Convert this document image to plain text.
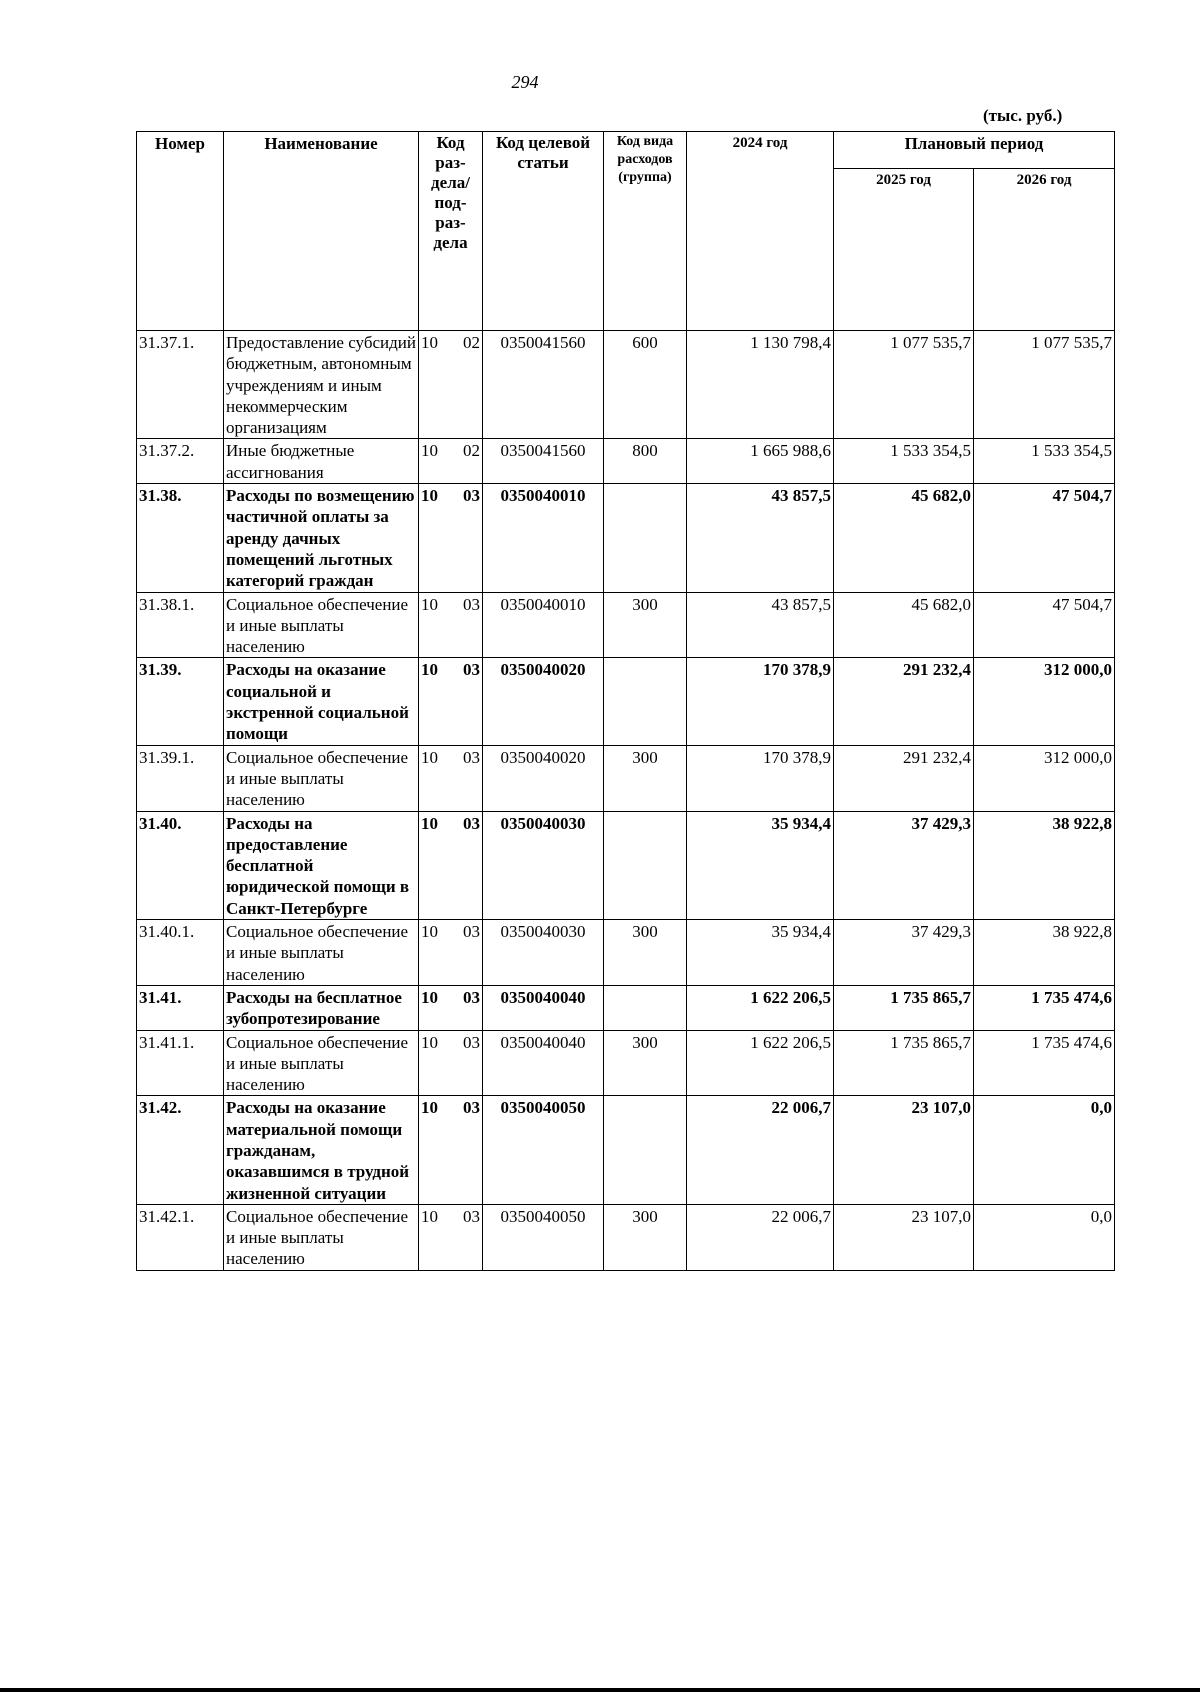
294
(тыс. руб.)
Номер	Наименование	Код раз- дела/ под- раз- дела	Код целевой статьи	Код вида расходов (группа)	2024 год	Плановый период	
						2025 год	2026 год
31.37.1.	Предоставление субсидий бюджетным, автономным учреждениям и иным некоммерческим организациям	10 02	0350041560	600	1 130 798,4	1 077 535,7	1 077 535,7
31.37.2.	Иные бюджетные ассигнования	10 02	0350041560	800	1 665 988,6	1 533 354,5	1 533 354,5
31.38.	Расходы по возмещению частичной оплаты за аренду дачных помещений льготных категорий граждан	10 03	0350040010		43 857,5	45 682,0	47 504,7
31.38.1.	Социальное обеспечение и иные выплаты населению	10 03	0350040010	300	43 857,5	45 682,0	47 504,7
31.39.	Расходы на оказание социальной и экстренной социальной помощи	10 03	0350040020		170 378,9	291 232,4	312 000,0
31.39.1.	Социальное обеспечение и иные выплаты населению	10 03	0350040020	300	170 378,9	291 232,4	312 000,0
31.40.	Расходы на предоставление бесплатной юридической помощи в Санкт-Петербурге	10 03	0350040030		35 934,4	37 429,3	38 922,8
31.40.1.	Социальное обеспечение и иные выплаты населению	10 03	0350040030	300	35 934,4	37 429,3	38 922,8
31.41.	Расходы на бесплатное зубопротезирование	10 03	0350040040		1 622 206,5	1 735 865,7	1 735 474,6
31.41.1.	Социальное обеспечение и иные выплаты населению	10 03	0350040040	300	1 622 206,5	1 735 865,7	1 735 474,6
31.42.	Расходы на оказание материальной помощи гражданам, оказавшимся в трудной жизненной ситуации	10 03	0350040050		22 006,7	23 107,0	0,0
31.42.1.	Социальное обеспечение и иные выплаты населению	10 03	0350040050	300	22 006,7	23 107,0	0,0
